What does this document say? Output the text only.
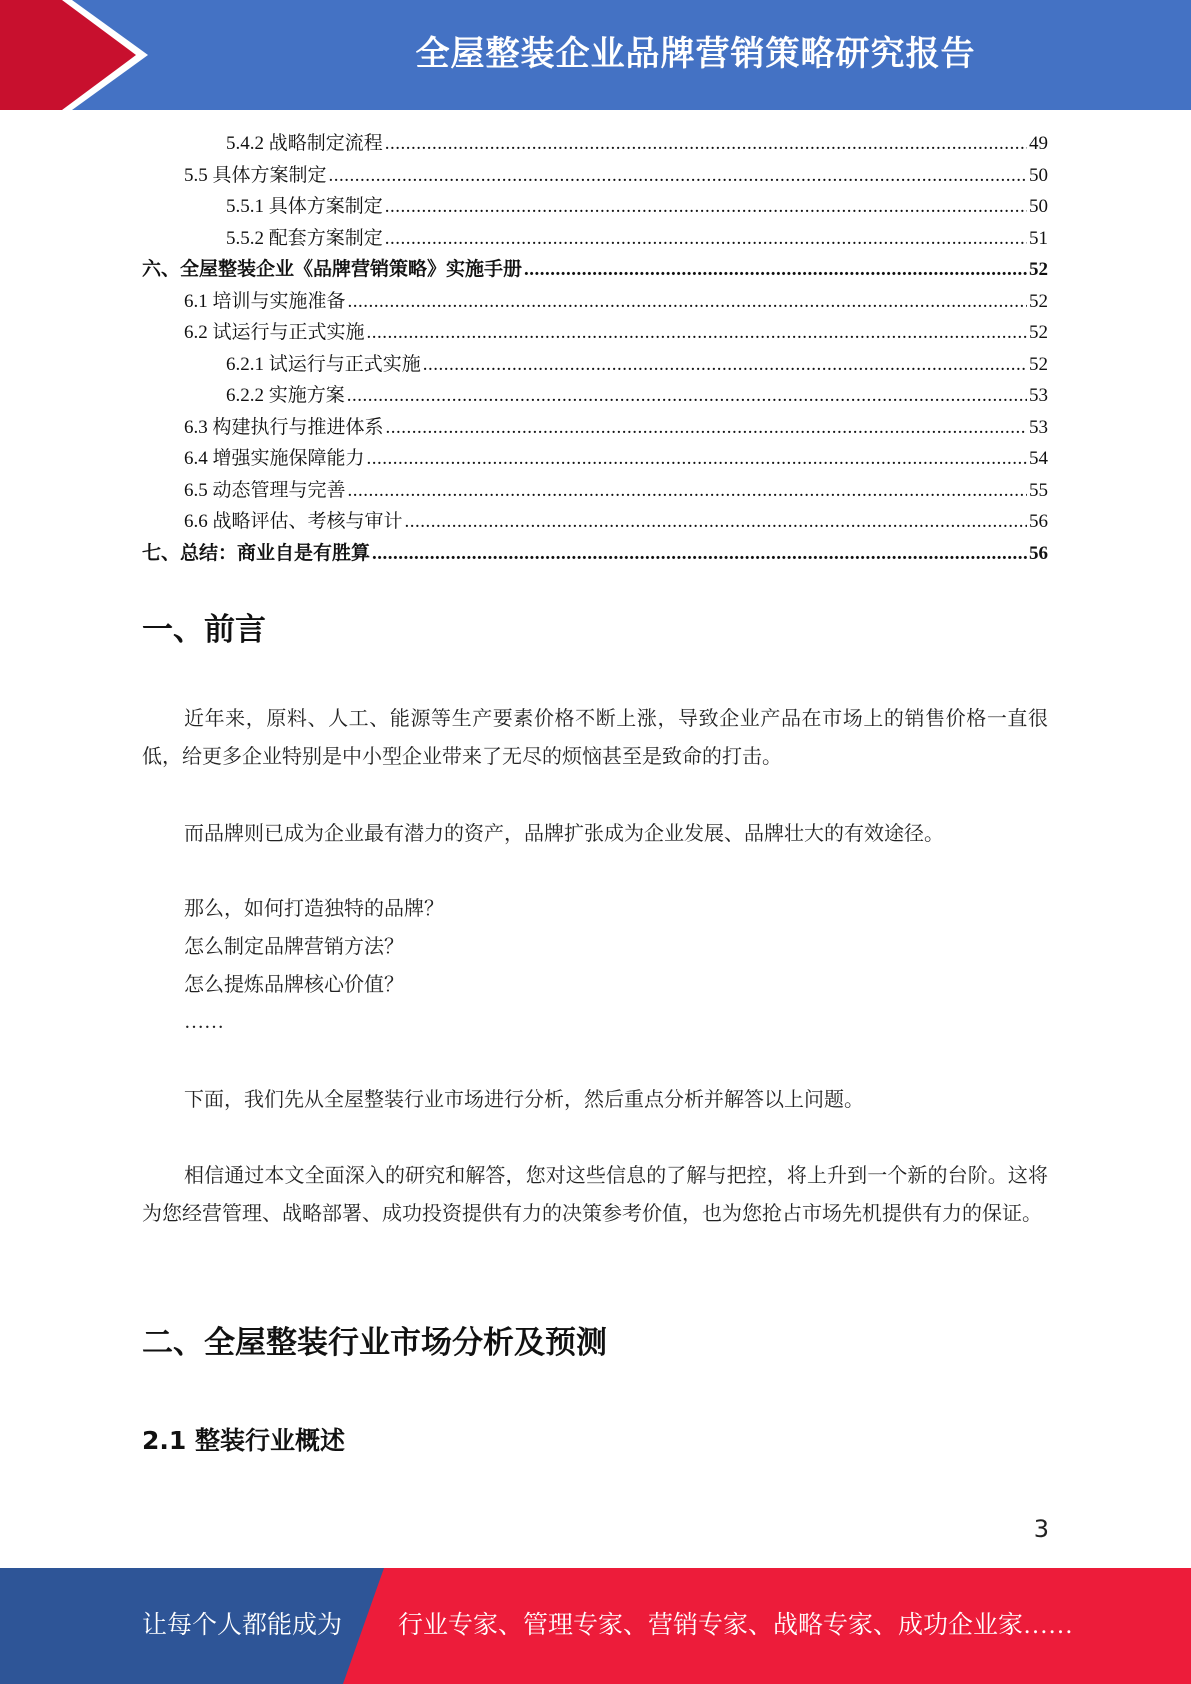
全屋整装企业品牌营销策略研究报告
5.4.2 战略制定流程 .....	49
5.5 具体方案制定 .....	50
5.5.1 具体方案制定 .....	50
5.5.2 配套方案制定 .....	51
六、全屋整装企业《品牌营销策略》实施手册 .....	52
6.1 培训与实施准备 .....	52
6.2 试运行与正式实施 .....	52
6.2.1 试运行与正式实施 .....	52
6.2.2 实施方案 .....	53
6.3 构建执行与推进体系 .....	53
6.4 增强实施保障能力 .....	54
6.5 动态管理与完善 .....	55
6.6 战略评估、考核与审计 .....	56
七、总结：商业自是有胜算 .....	56
一、前言

近年来，原料、人工、能源等生产要素价格不断上涨，导致企业产品在市场上的销售价格一直很低，给更多企业特别是中小型企业带来了无尽的烦恼甚至是致命的打击。

而品牌则已成为企业最有潜力的资产，品牌扩张成为企业发展、品牌壮大的有效途径。

那么，如何打造独特的品牌？

怎么制定品牌营销方法？

怎么提炼品牌核心价值？

……

下面，我们先从全屋整装行业市场进行分析，然后重点分析并解答以上问题。

相信通过本文全面深入的研究和解答，您对这些信息的了解与把控，将上升到一个新的台阶。这将为您经营管理、战略部署、成功投资提供有力的决策参考价值，也为您抢占市场先机提供有力的保证。

二、全屋整装行业市场分析及预测
2.1 整装行业概述
3
让每个人都能成为 行业专家、管理专家、营销专家、战略专家、成功企业家……
